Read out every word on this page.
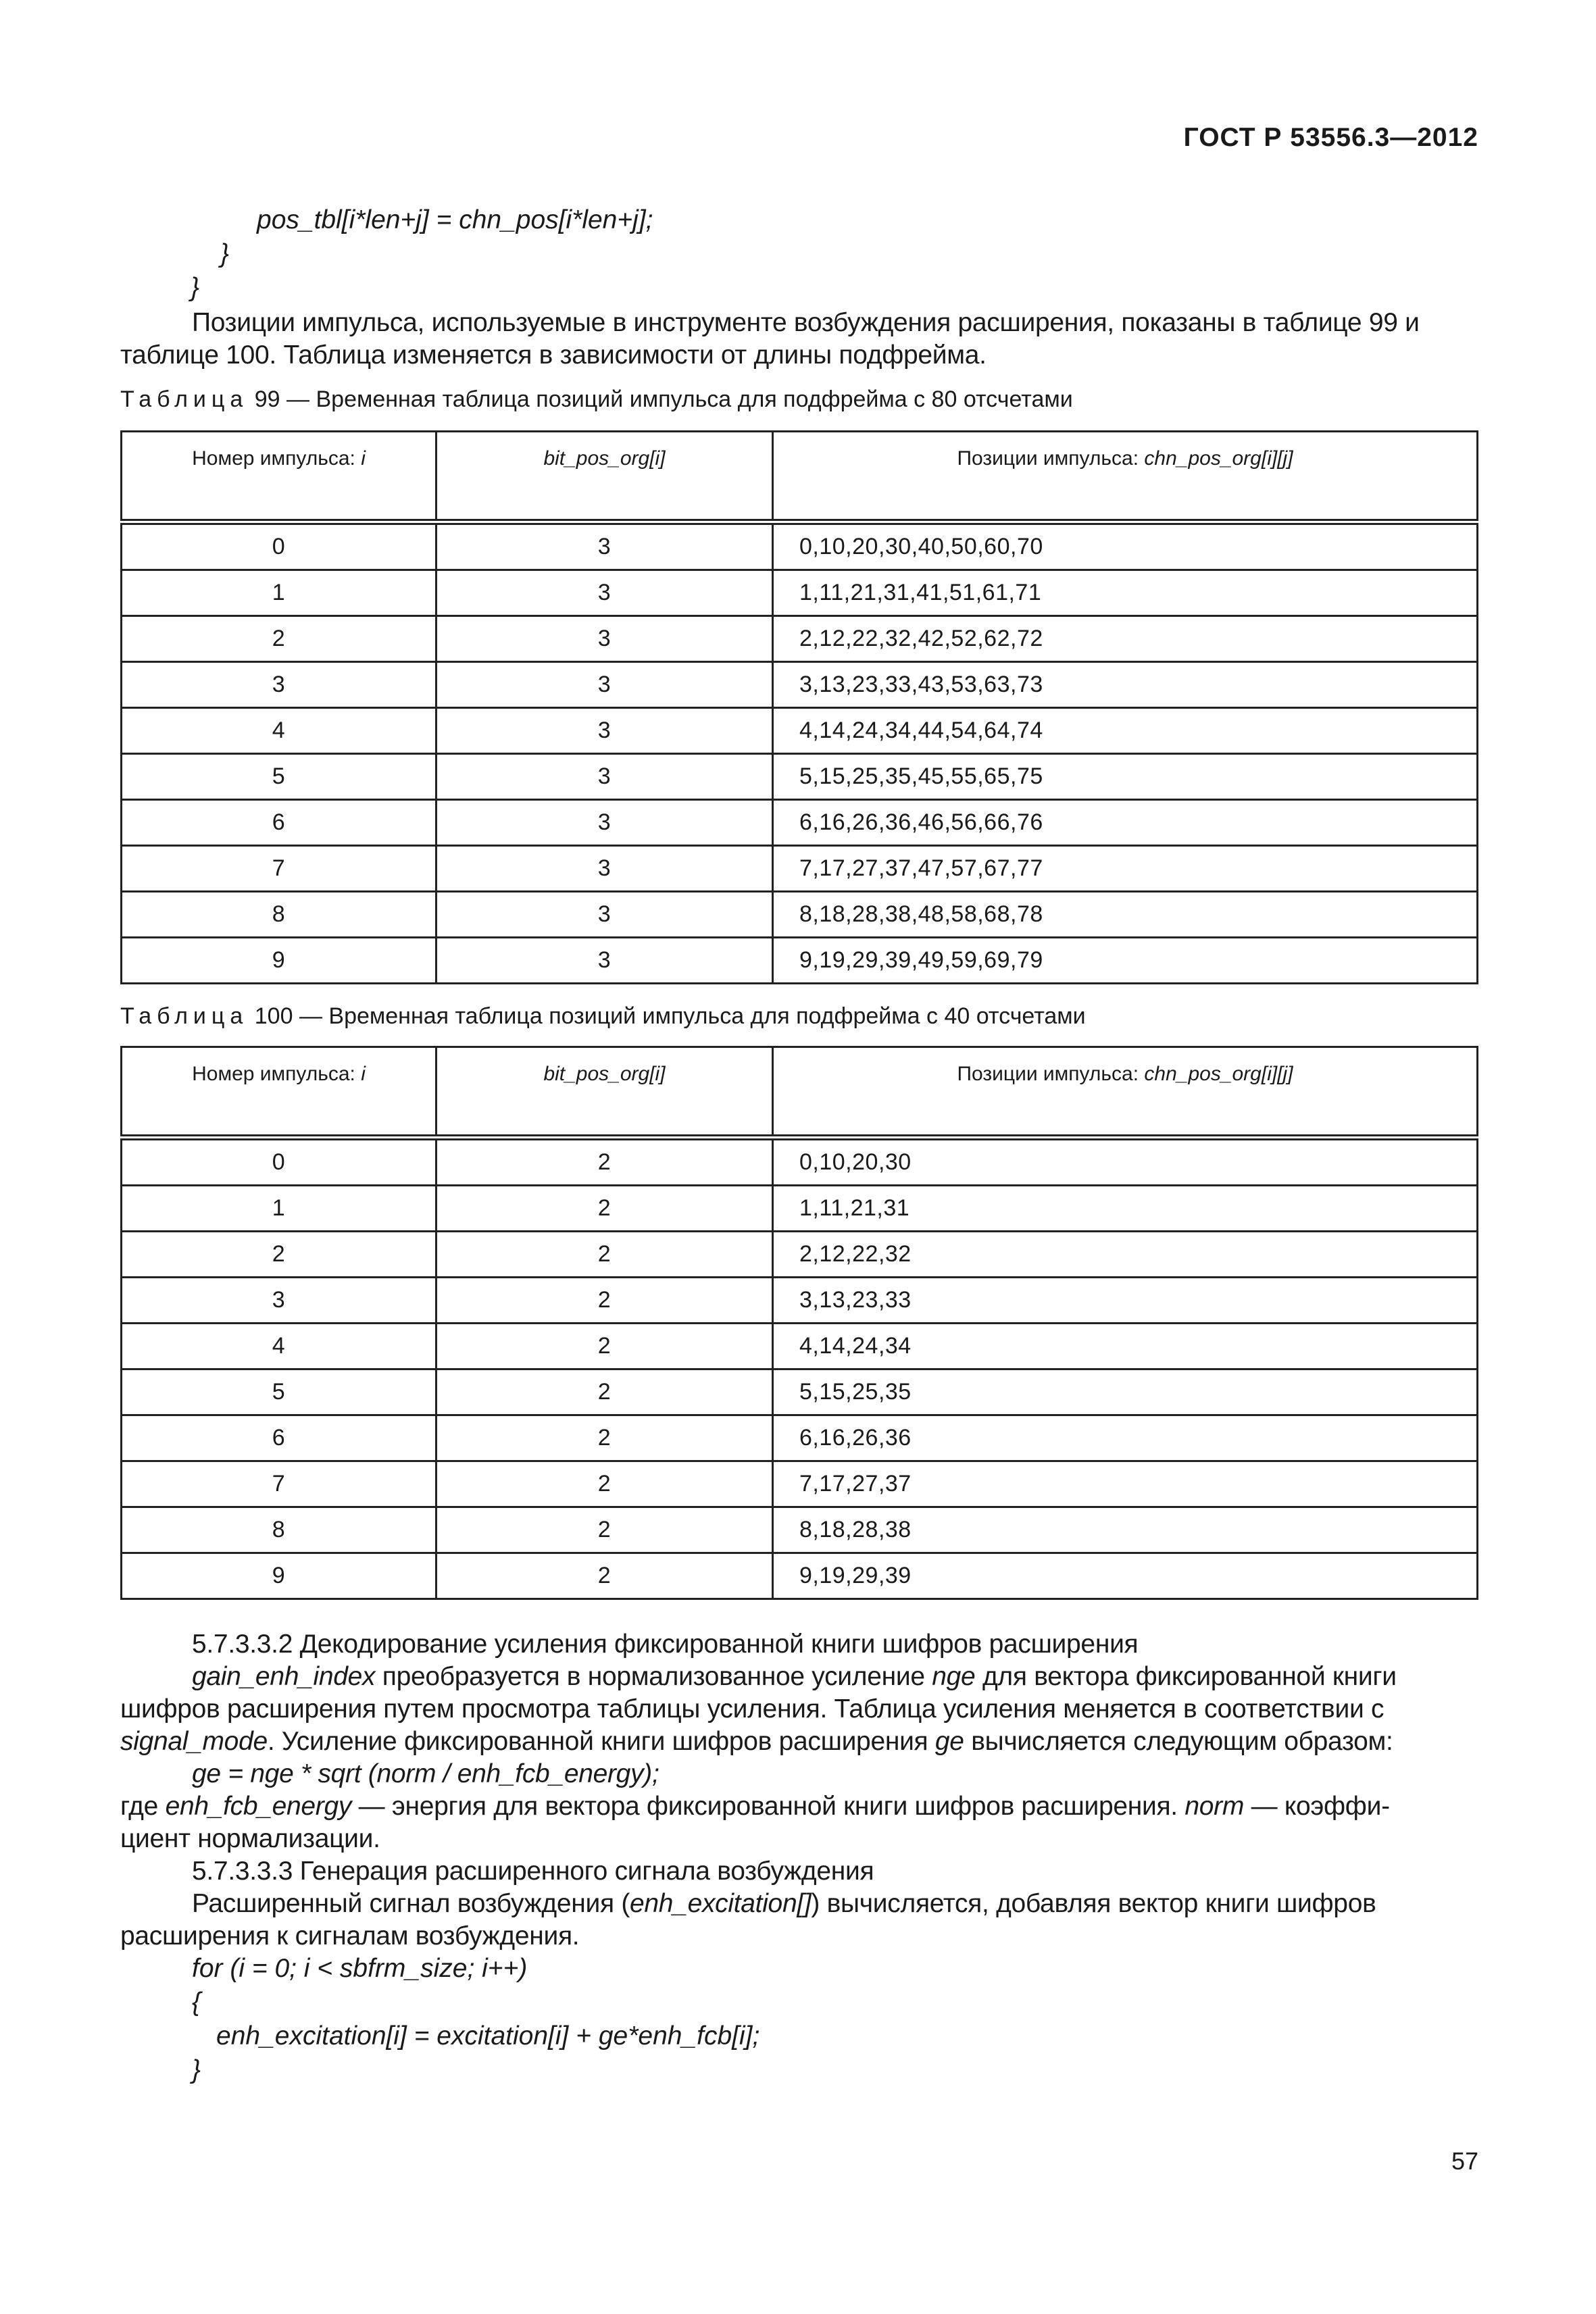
ГОСТ Р 53556.3—2012
pos_tbl[i*len+j] = chn_pos[i*len+j];
}
}
Позиции импульса, используемые в инструменте возбуждения расширения, показаны в таблице 99 и
таблице 100. Таблица изменяется в зависимости от длины подфрейма.
Таблица 99 — Временная таблица позиций импульса для подфрейма с 80 отсчетами
Номер импульса: i	bit_pos_org[i]	Позиции импульса: chn_pos_org[i][j]
0	3	0,10,20,30,40,50,60,70
1	3	1,11,21,31,41,51,61,71
2	3	2,12,22,32,42,52,62,72
3	3	3,13,23,33,43,53,63,73
4	3	4,14,24,34,44,54,64,74
5	3	5,15,25,35,45,55,65,75
6	3	6,16,26,36,46,56,66,76
7	3	7,17,27,37,47,57,67,77
8	3	8,18,28,38,48,58,68,78
9	3	9,19,29,39,49,59,69,79
Таблица 100 — Временная таблица позиций импульса для подфрейма с 40 отсчетами
Номер импульса: i	bit_pos_org[i]	Позиции импульса: chn_pos_org[i][j]
0	2	0,10,20,30
1	2	1,11,21,31
2	2	2,12,22,32
3	2	3,13,23,33
4	2	4,14,24,34
5	2	5,15,25,35
6	2	6,16,26,36
7	2	7,17,27,37
8	2	8,18,28,38
9	2	9,19,29,39
5.7.3.3.2 Декодирование усиления фиксированной книги шифров расширения
gain_enh_index преобразуется в нормализованное усиление nge для вектора фиксированной книги
шифров расширения путем просмотра таблицы усиления. Таблица усиления меняется в соответствии с
signal_mode. Усиление фиксированной книги шифров расширения ge вычисляется следующим образом:
ge = nge * sqrt (norm / enh_fcb_energy);
где enh_fcb_energy — энергия для вектора фиксированной книги шифров расширения. norm — коэффи-
циент нормализации.
5.7.3.3.3 Генерация расширенного сигнала возбуждения
Расширенный сигнал возбуждения (enh_excitation[]) вычисляется, добавляя вектор книги шифров
расширения к сигналам возбуждения.
for (i = 0; i < sbfrm_size; i++)
{
enh_excitation[i] = excitation[i] + ge*enh_fcb[i];
}
57
